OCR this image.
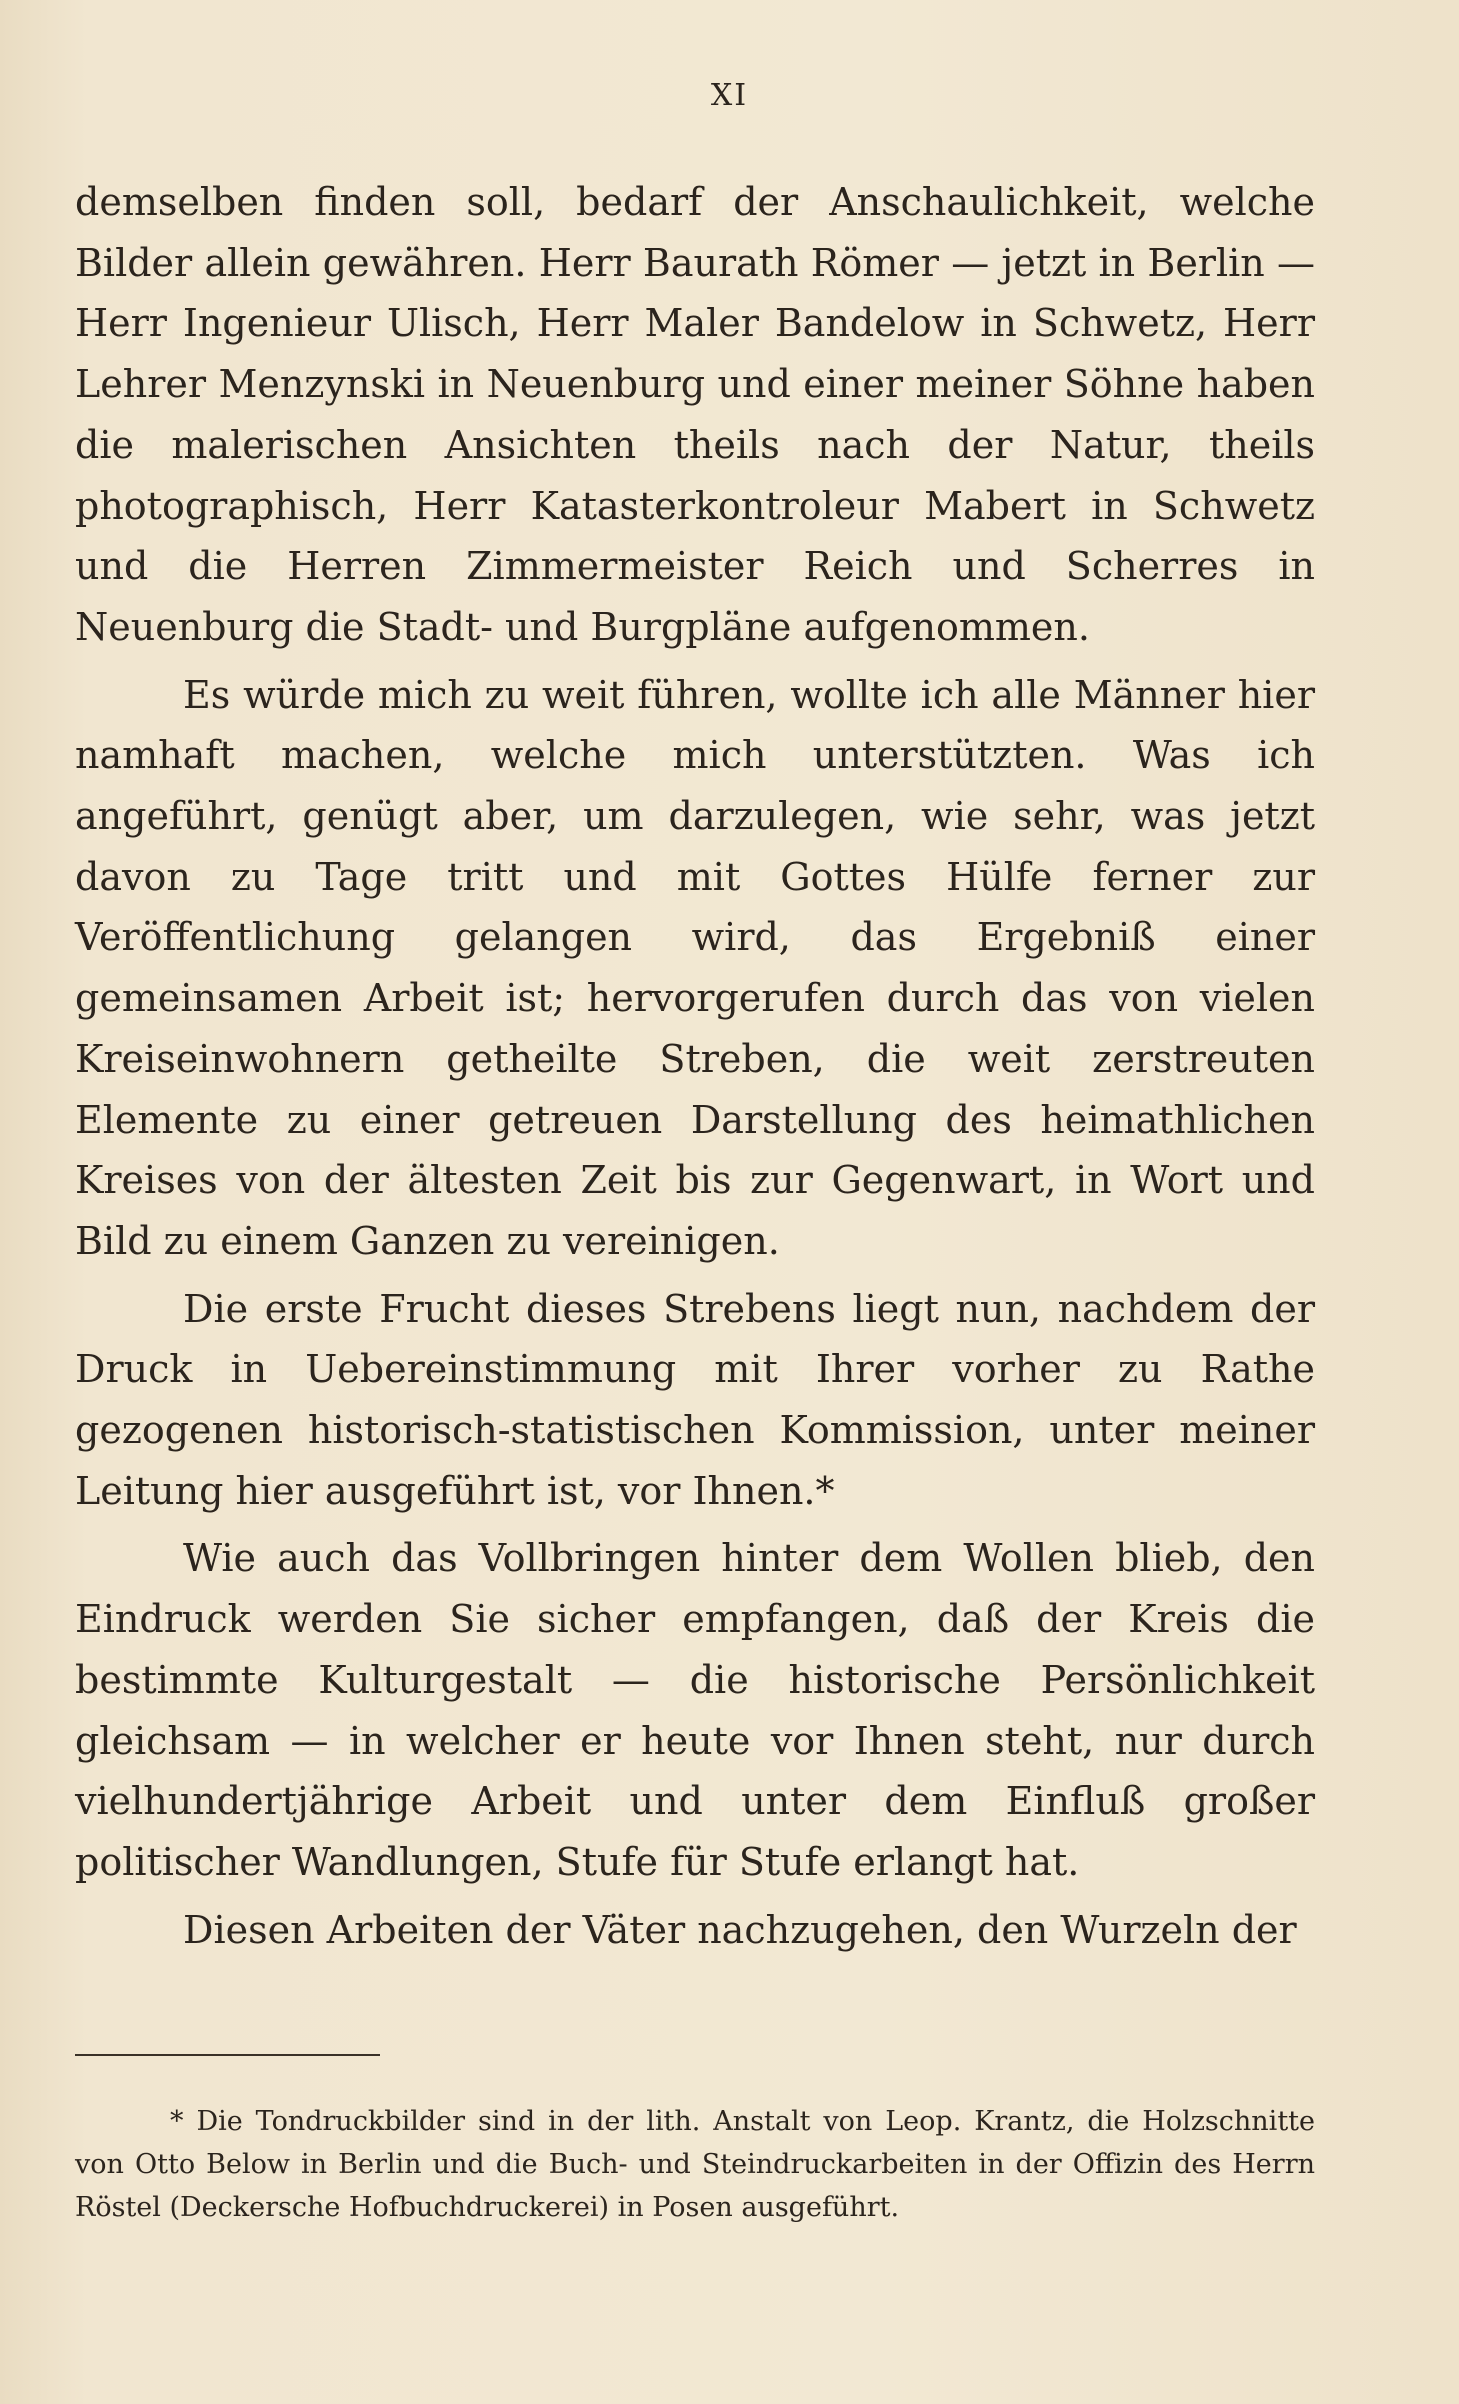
XI

demselben finden soll, bedarf der Anschaulichkeit, welche Bilder allein gewähren. Herr Baurath Römer — jetzt in Berlin — Herr Ingenieur Ulisch, Herr Maler Bandelow in Schwetz, Herr Lehrer Menzynski in Neuenburg und einer meiner Söhne haben die malerischen Ansichten theils nach der Natur, theils photographisch, Herr Katasterkontroleur Mabert in Schwetz und die Herren Zimmermeister Reich und Scherres in Neuenburg die Stadt- und Burgpläne aufgenommen.

Es würde mich zu weit führen, wollte ich alle Männer hier namhaft machen, welche mich unterstützten. Was ich angeführt, genügt aber, um darzulegen, wie sehr, was jetzt davon zu Tage tritt und mit Gottes Hülfe ferner zur Veröffentlichung gelangen wird, das Ergebniß einer gemeinsamen Arbeit ist; hervorgerufen durch das von vielen Kreiseinwohnern getheilte Streben, die weit zerstreuten Elemente zu einer getreuen Darstellung des heimathlichen Kreises von der ältesten Zeit bis zur Gegenwart, in Wort und Bild zu einem Ganzen zu vereinigen.

Die erste Frucht dieses Strebens liegt nun, nachdem der Druck in Uebereinstimmung mit Ihrer vorher zu Rathe gezogenen historisch-statistischen Kommission, unter meiner Leitung hier ausgeführt ist, vor Ihnen.*

Wie auch das Vollbringen hinter dem Wollen blieb, den Eindruck werden Sie sicher empfangen, daß der Kreis die bestimmte Kulturgestalt — die historische Persönlichkeit gleichsam — in welcher er heute vor Ihnen steht, nur durch vielhundertjährige Arbeit und unter dem Einfluß großer politischer Wandlungen, Stufe für Stufe erlangt hat.

Diesen Arbeiten der Väter nachzugehen, den Wurzeln der

* Die Tondruckbilder sind in der lith. Anstalt von Leop. Krantz, die Holzschnitte von Otto Below in Berlin und die Buch- und Steindruckarbeiten in der Offizin des Herrn Röstel (Deckersche Hofbuchdruckerei) in Posen ausgeführt.
